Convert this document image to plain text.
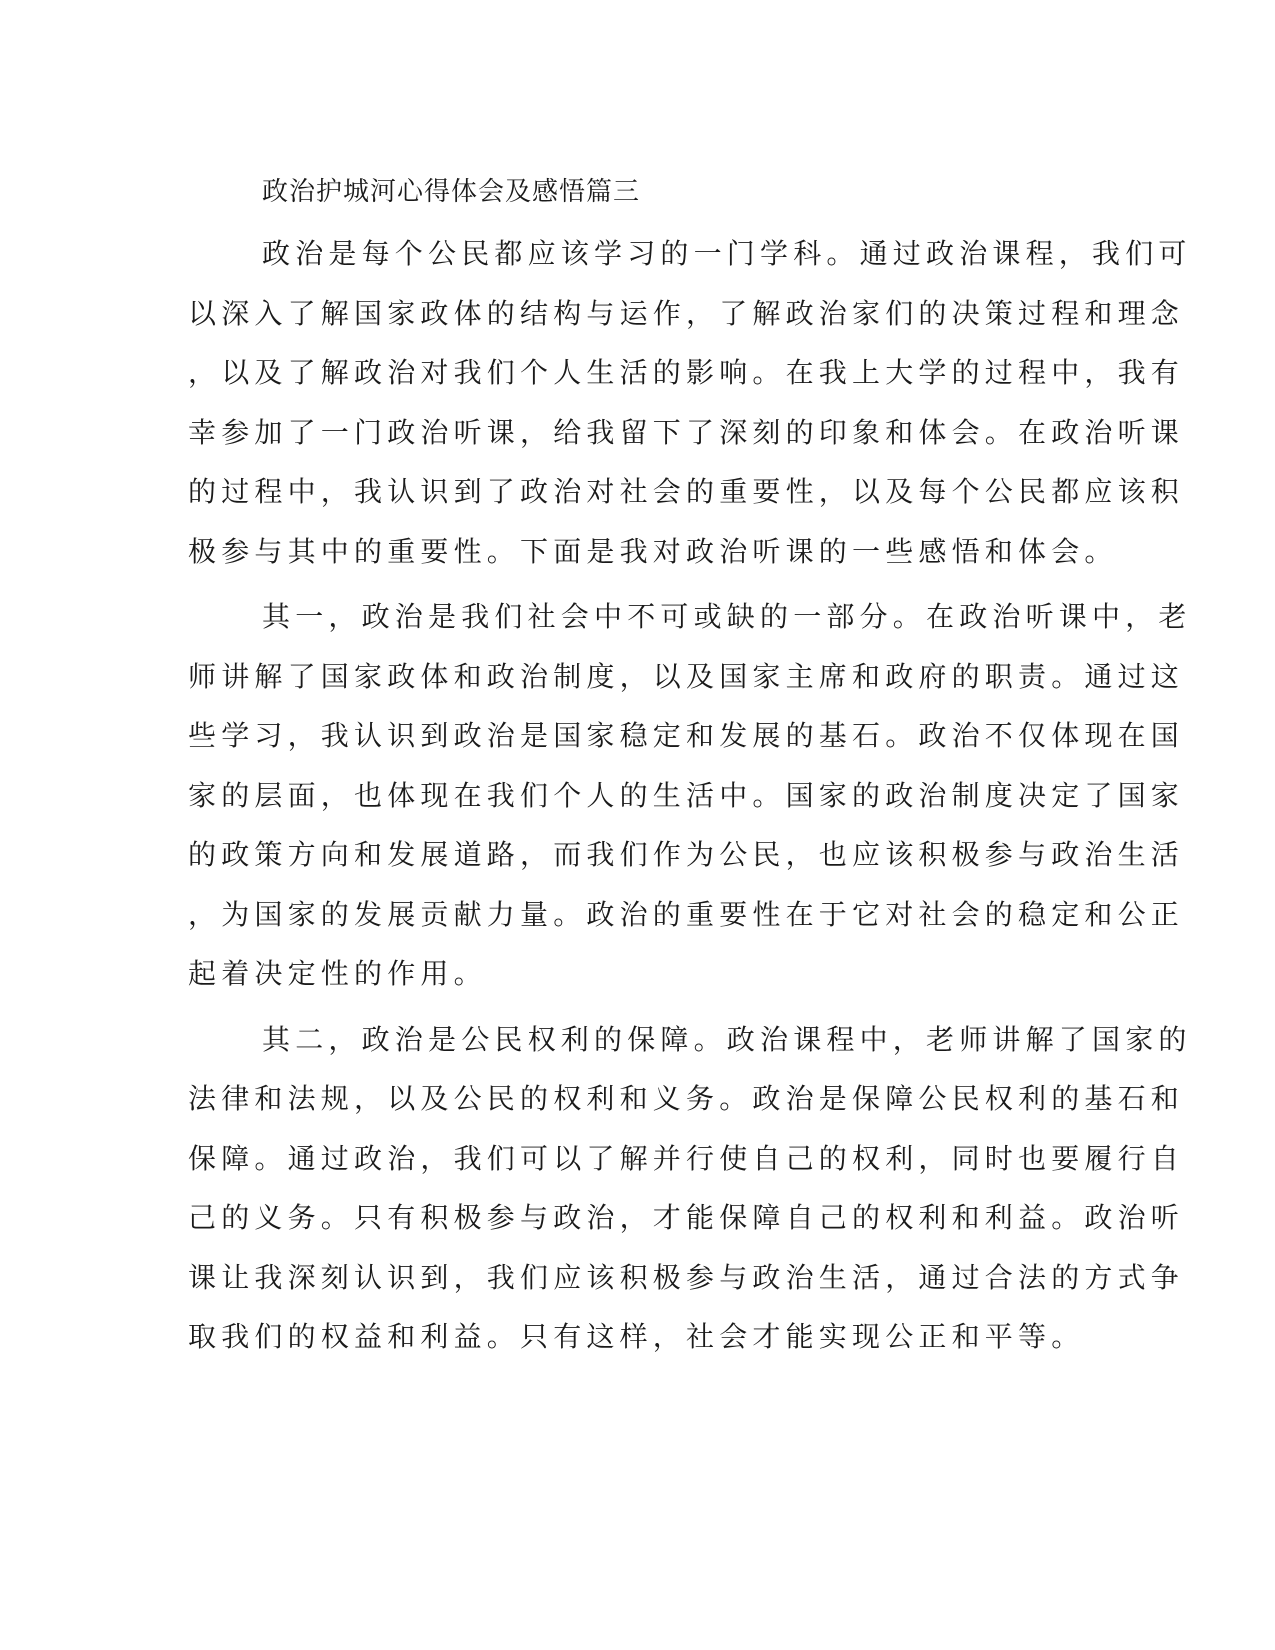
政治护城河心得体会及感悟篇三

政治是每个公民都应该学习的一门学科。通过政治课程，我们可
以深入了解国家政体的结构与运作，了解政治家们的决策过程和理念
，以及了解政治对我们个人生活的影响。在我上大学的过程中，我有
幸参加了一门政治听课，给我留下了深刻的印象和体会。在政治听课
的过程中，我认识到了政治对社会的重要性，以及每个公民都应该积
极参与其中的重要性。下面是我对政治听课的一些感悟和体会。

其一，政治是我们社会中不可或缺的一部分。在政治听课中，老
师讲解了国家政体和政治制度，以及国家主席和政府的职责。通过这
些学习，我认识到政治是国家稳定和发展的基石。政治不仅体现在国
家的层面，也体现在我们个人的生活中。国家的政治制度决定了国家
的政策方向和发展道路，而我们作为公民，也应该积极参与政治生活
，为国家的发展贡献力量。政治的重要性在于它对社会的稳定和公正
起着决定性的作用。

其二，政治是公民权利的保障。政治课程中，老师讲解了国家的
法律和法规，以及公民的权利和义务。政治是保障公民权利的基石和
保障。通过政治，我们可以了解并行使自己的权利，同时也要履行自
己的义务。只有积极参与政治，才能保障自己的权利和利益。政治听
课让我深刻认识到，我们应该积极参与政治生活，通过合法的方式争
取我们的权益和利益。只有这样，社会才能实现公正和平等。
